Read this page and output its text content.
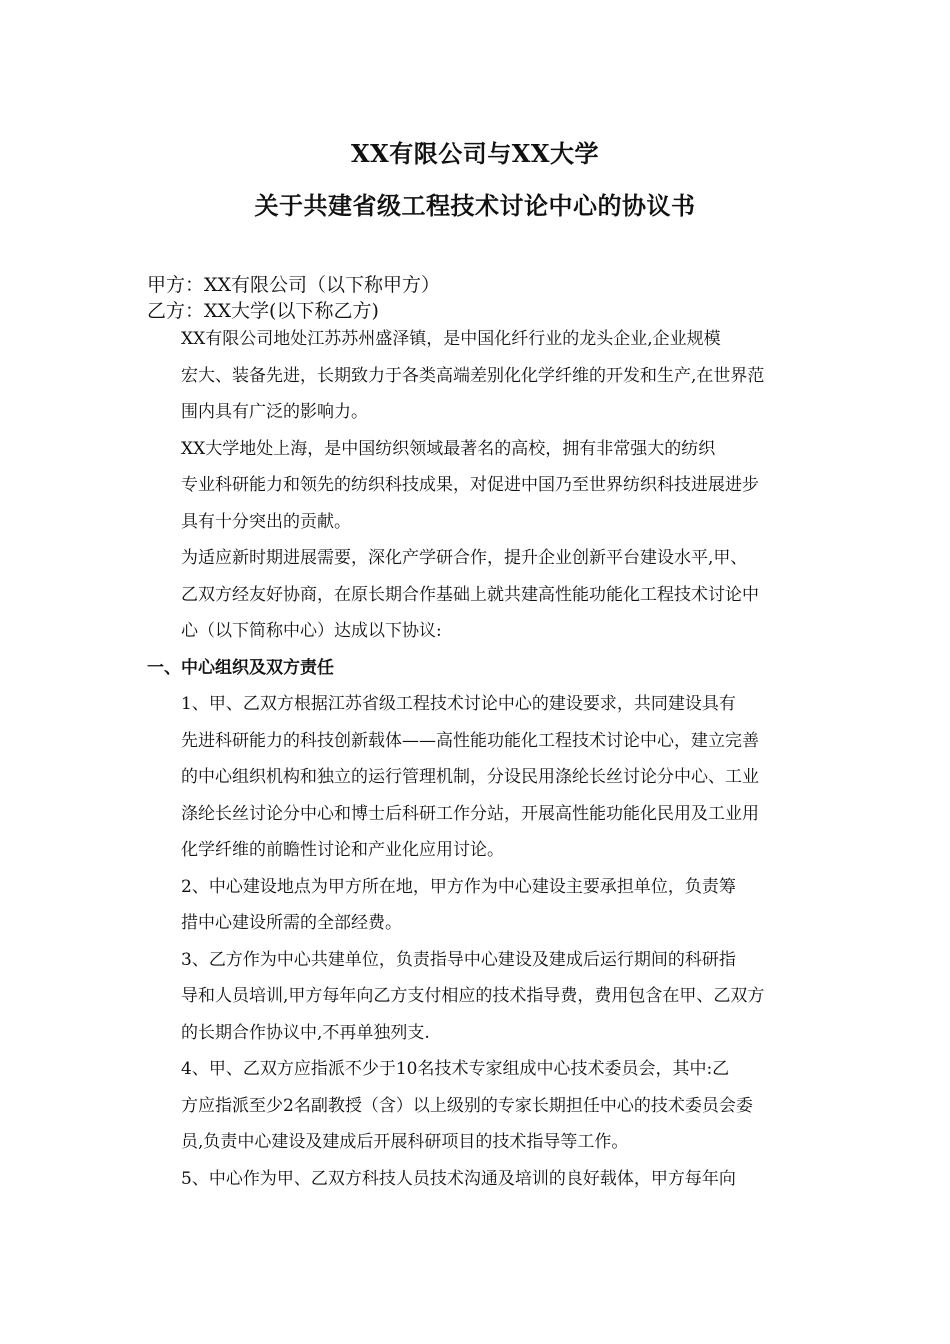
XX有限公司与XX大学
关于共建省级工程技术讨论中心的协议书
甲方：XX有限公司（以下称甲方）
乙方：XX大学(以下称乙方)

XX有限公司地处江苏苏州盛泽镇，是中国化纤行业的龙头企业,企业规模
宏大、装备先进，长期致力于各类高端差别化化学纤维的开发和生产,在世界范
围内具有广泛的影响力。

XX大学地处上海，是中国纺织领域最著名的高校，拥有非常强大的纺织
专业科研能力和领先的纺织科技成果，对促进中国乃至世界纺织科技进展进步
具有十分突出的贡献。

为适应新时期进展需要，深化产学研合作，提升企业创新平台建设水平,甲、
乙双方经友好协商，在原长期合作基础上就共建高性能功能化工程技术讨论中
心（以下简称中心）达成以下协议:

一、中心组织及双方责任

1、甲、乙双方根据江苏省级工程技术讨论中心的建设要求，共同建设具有
先进科研能力的科技创新载体——高性能功能化工程技术讨论中心，建立完善
的中心组织机构和独立的运行管理机制，分设民用涤纶长丝讨论分中心、工业
涤纶长丝讨论分中心和博士后科研工作分站，开展高性能功能化民用及工业用
化学纤维的前瞻性讨论和产业化应用讨论。

2、中心建设地点为甲方所在地，甲方作为中心建设主要承担单位，负责筹
措中心建设所需的全部经费。

3、乙方作为中心共建单位，负责指导中心建设及建成后运行期间的科研指
导和人员培训,甲方每年向乙方支付相应的技术指导费，费用包含在甲、乙双方
的长期合作协议中,不再单独列支.

4、甲、乙双方应指派不少于10名技术专家组成中心技术委员会，其中:乙
方应指派至少2名副教授（含）以上级别的专家长期担任中心的技术委员会委
员,负责中心建设及建成后开展科研项目的技术指导等工作。

5、中心作为甲、乙双方科技人员技术沟通及培训的良好载体，甲方每年向
